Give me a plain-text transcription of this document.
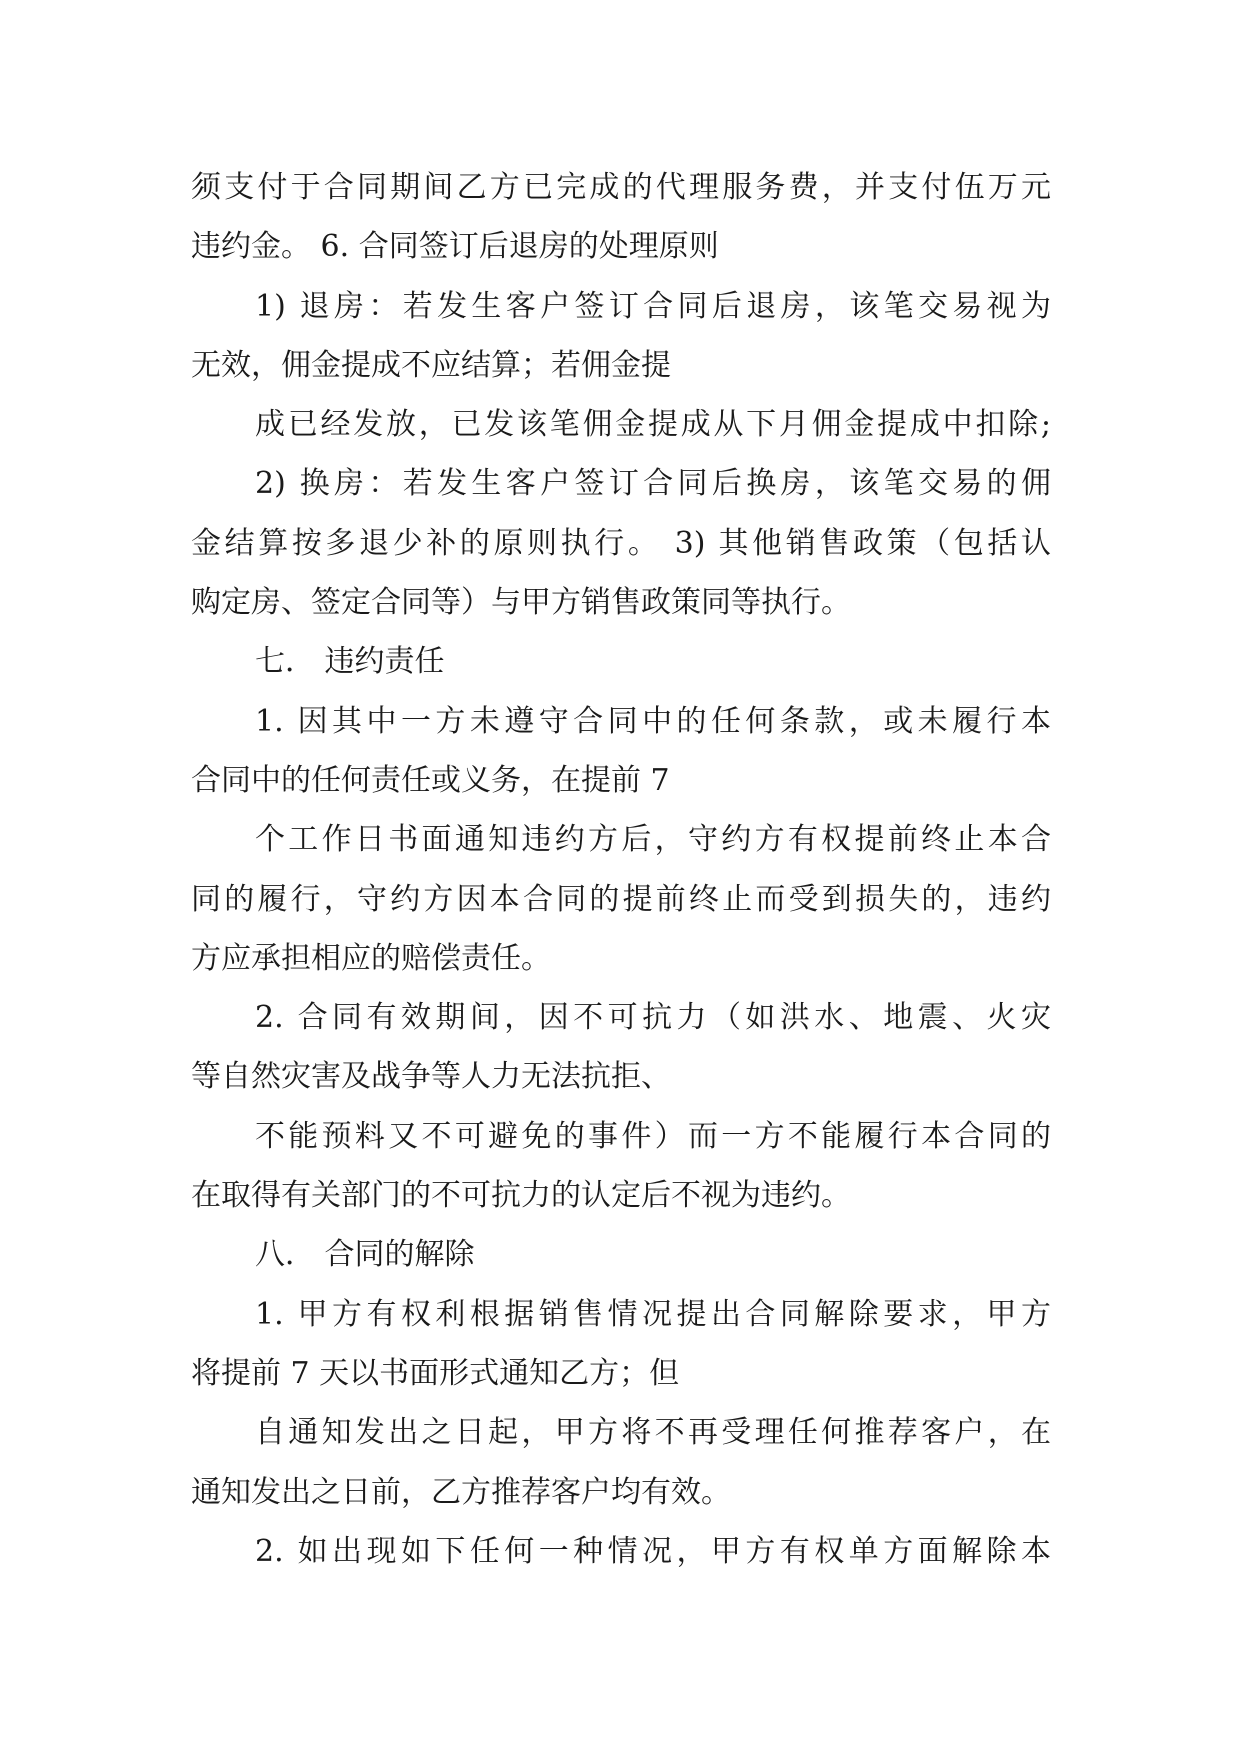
须支付于合同期间乙方已完成的代理服务费，并支付伍万元
违约金。 6. 合同签订后退房的处理原则
1) 退房：若发生客户签订合同后退房，该笔交易视为
无效，佣金提成不应结算；若佣金提
成已经发放，已发该笔佣金提成从下月佣金提成中扣除;
2) 换房：若发生客户签订合同后换房，该笔交易的佣
金结算按多退少补的原则执行。 3) 其他销售政策（包括认
购定房、签定合同等）与甲方销售政策同等执行。
七． 违约责任
1. 因其中一方未遵守合同中的任何条款，或未履行本
合同中的任何责任或义务，在提前 7
个工作日书面通知违约方后，守约方有权提前终止本合
同的履行，守约方因本合同的提前终止而受到损失的，违约
方应承担相应的赔偿责任。
2. 合同有效期间，因不可抗力（如洪水、地震、火灾
等自然灾害及战争等人力无法抗拒、
不能预料又不可避免的事件）而一方不能履行本合同的
在取得有关部门的不可抗力的认定后不视为违约。
八． 合同的解除
1. 甲方有权利根据销售情况提出合同解除要求，甲方
将提前 7 天以书面形式通知乙方；但
自通知发出之日起，甲方将不再受理任何推荐客户，在
通知发出之日前，乙方推荐客户均有效。
2. 如出现如下任何一种情况，甲方有权单方面解除本
